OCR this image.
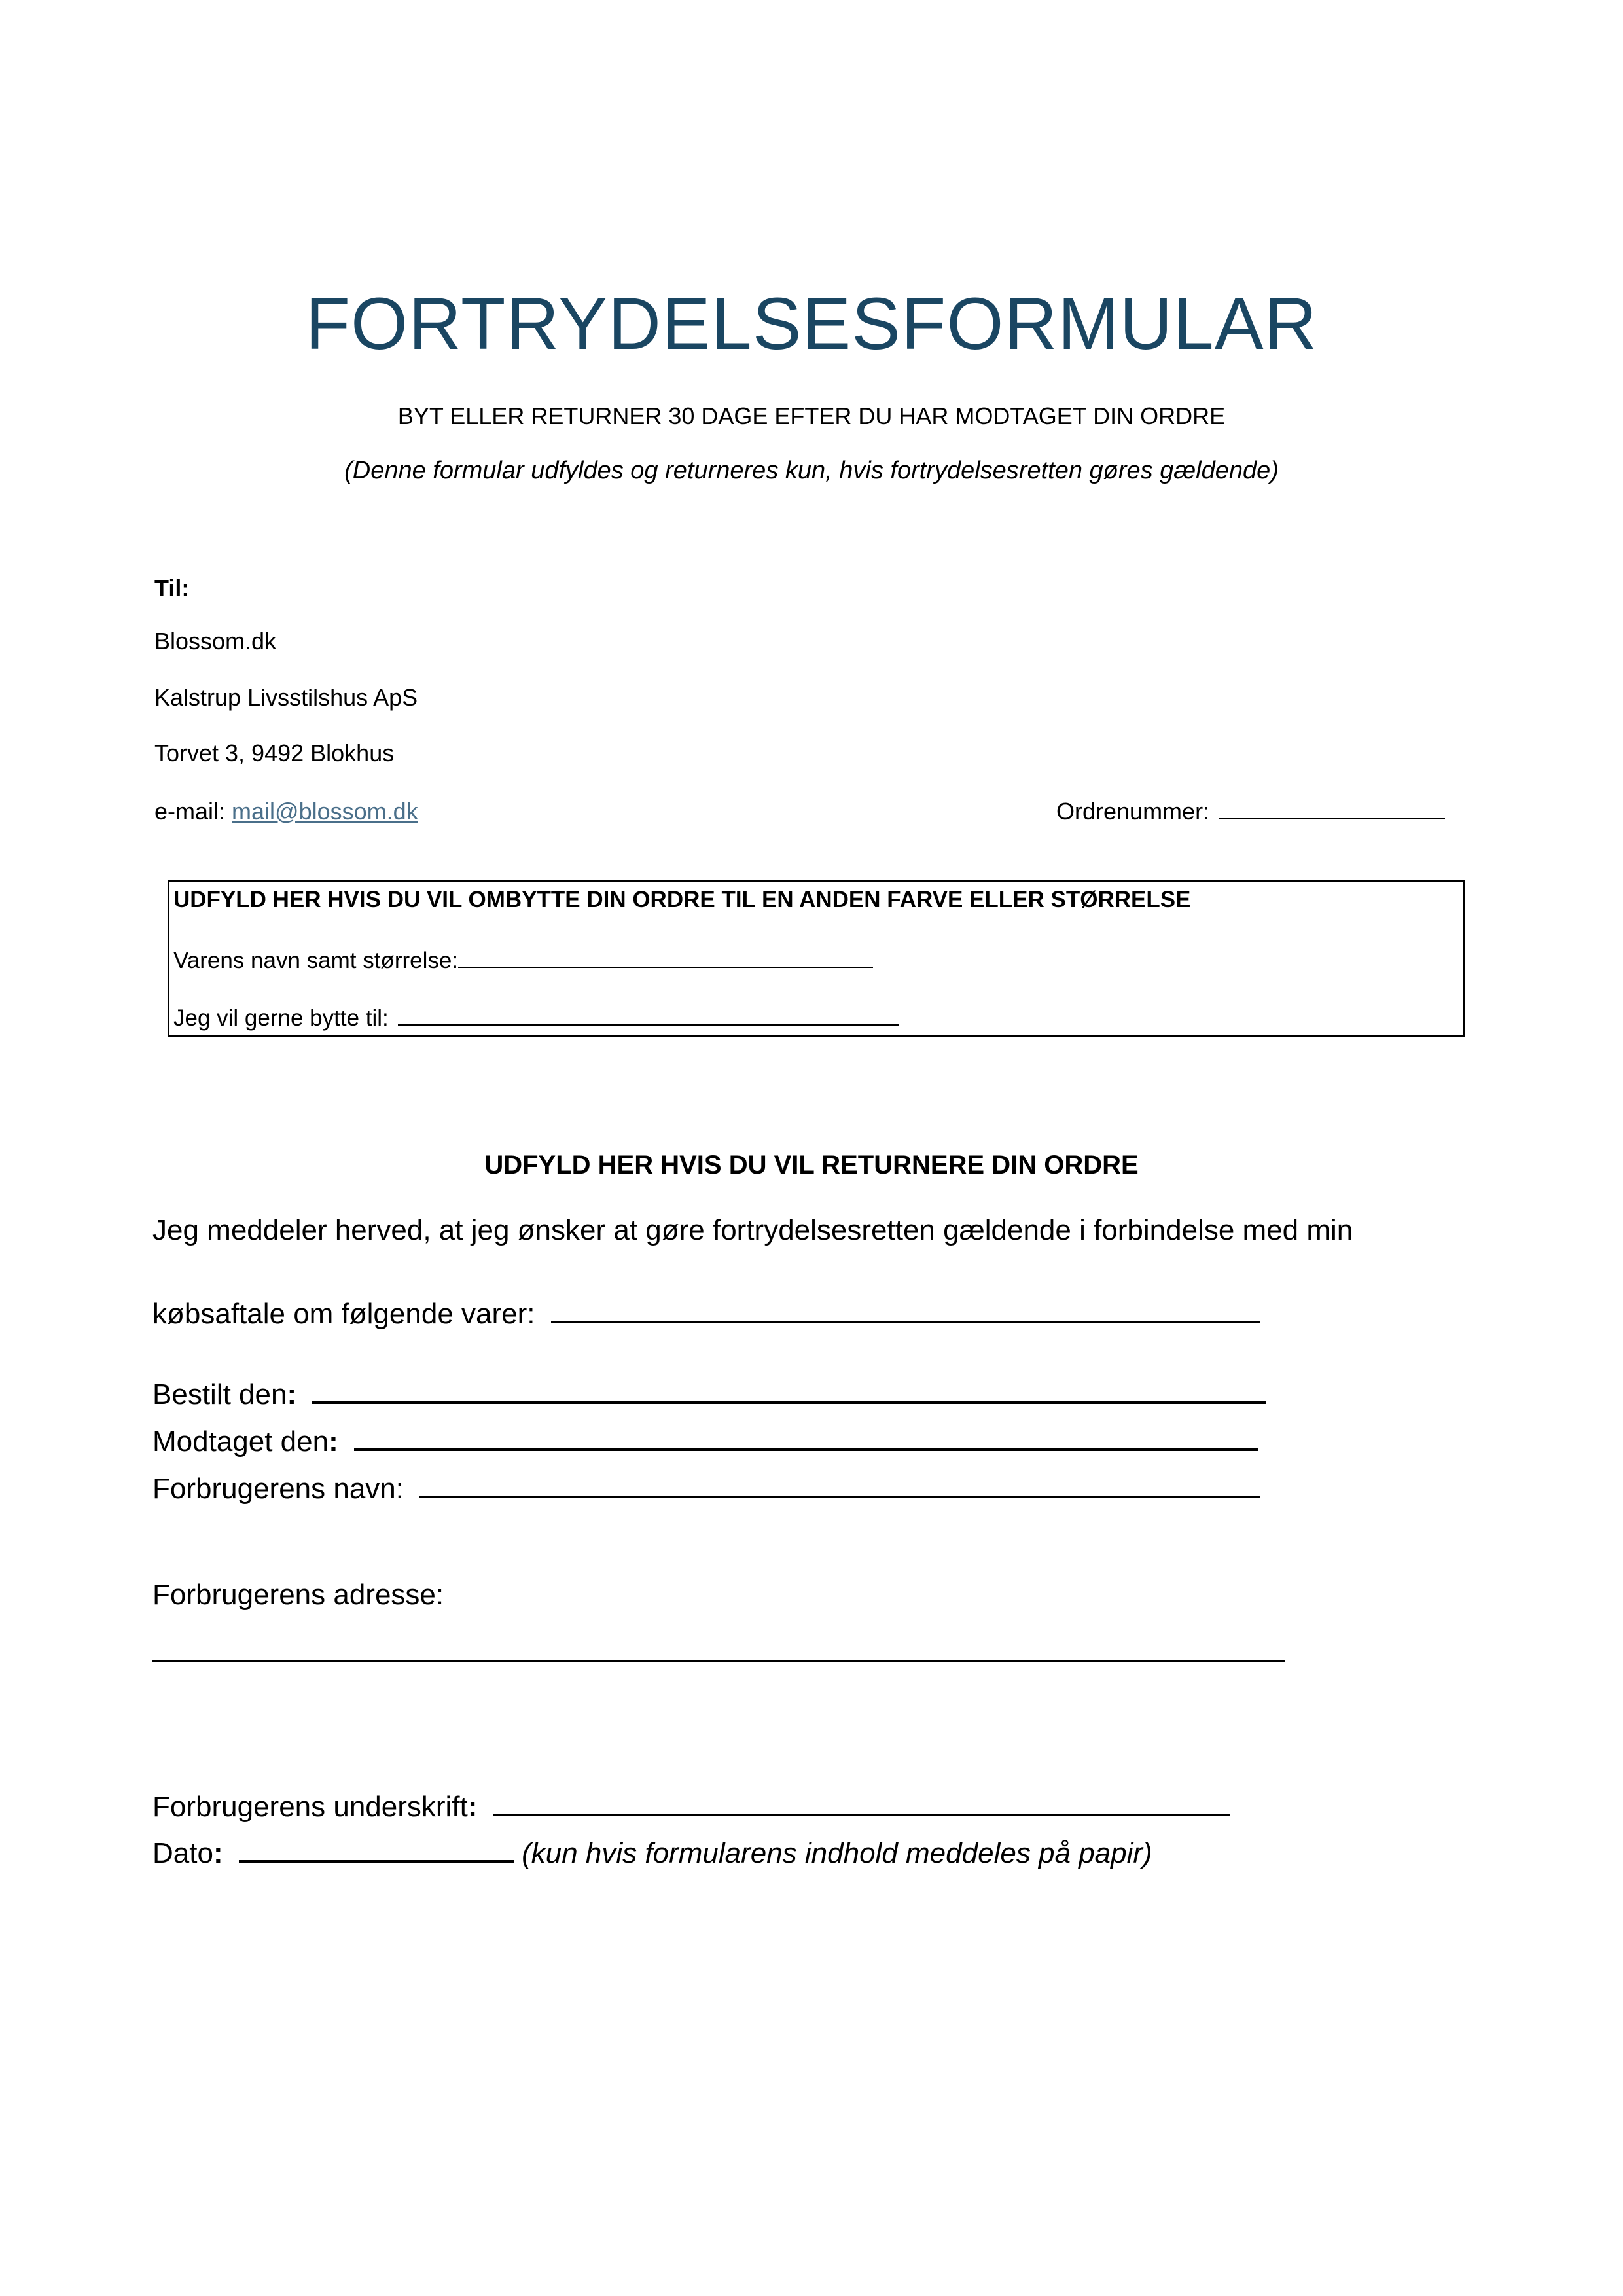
FORTRYDELSESFORMULAR
BYT ELLER RETURNER 30 DAGE EFTER DU HAR MODTAGET DIN ORDRE
(Denne formular udfyldes og returneres kun, hvis fortrydelsesretten gøres gældende)
Til:
Blossom.dk
Kalstrup Livsstilshus ApS
Torvet 3, 9492 Blokhus
e-mail: mail@blossom.dk	Ordrenummer:
UDFYLD HER HVIS DU VIL OMBYTTE DIN ORDRE TIL EN ANDEN FARVE ELLER STØRRELSE
Varens navn samt størrelse:
Jeg vil gerne bytte til:
UDFYLD HER HVIS DU VIL RETURNERE DIN ORDRE
Jeg meddeler herved, at jeg ønsker at gøre fortrydelsesretten gældende i forbindelse med min
købsaftale om følgende varer:
Bestilt den:
Modtaget den:
Forbrugerens navn:
Forbrugerens adresse:
Forbrugerens underskrift:
Dato:	(kun hvis formularens indhold meddeles på papir)
